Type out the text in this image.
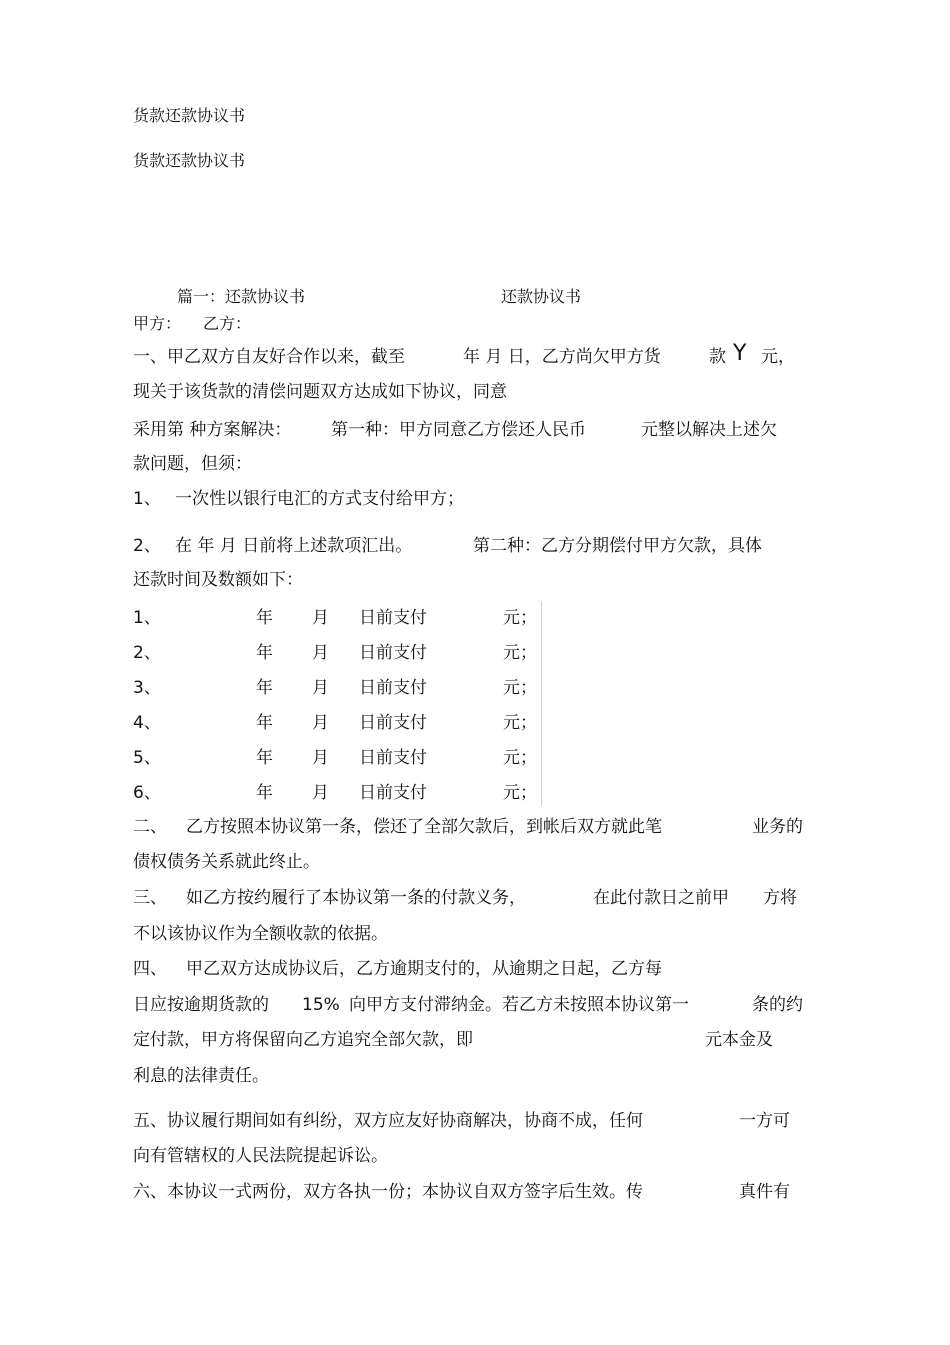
货款还款协议书
货款还款协议书
篇一：还款协议书	还款协议书
甲方： 乙方：
一、甲乙双方自友好合作以来，截至	年 月 日，乙方尚欠甲方货	款 Y 元，
现关于该货款的清偿问题双方达成如下协议，同意
采用第 种方案解决： 第一种：甲方同意乙方偿还人民币	元整以解决上述欠
款问题，但须：
1、 一次性以银行电汇的方式支付给甲方；
2、 在 年 月 日前将上述款项汇出。	第二种：乙方分期偿付甲方欠款，具体
还款时间及数额如下：
1、	年 月 日前支付	元；
2、	年 月 日前支付	元；
3、	年 月 日前支付	元；
4、	年 月 日前支付	元；
5、	年 月 日前支付	元；
6、	年 月 日前支付	元；
二、 乙方按照本协议第一条，偿还了全部欠款后，到帐后双方就此笔	业务的
债权债务关系就此终止。
三、 如乙方按约履行了本协议第一条的付款义务，	在此付款日之前甲 方将
不以该协议作为全额收款的依据。
四、 甲乙双方达成协议后，乙方逾期支付的，从逾期之日起，乙方每
日应按逾期货款的 15% 向甲方支付滞纳金。若乙方未按照本协议第一	条的约
定付款，甲方将保留向乙方追究全部欠款，即	元本金及
利息的法律责任。
五、协议履行期间如有纠纷，双方应友好协商解决，协商不成，任何	一方可
向有管辖权的人民法院提起诉讼。
六、本协议一式两份，双方各执一份；本协议自双方签字后生效。传	真件有
